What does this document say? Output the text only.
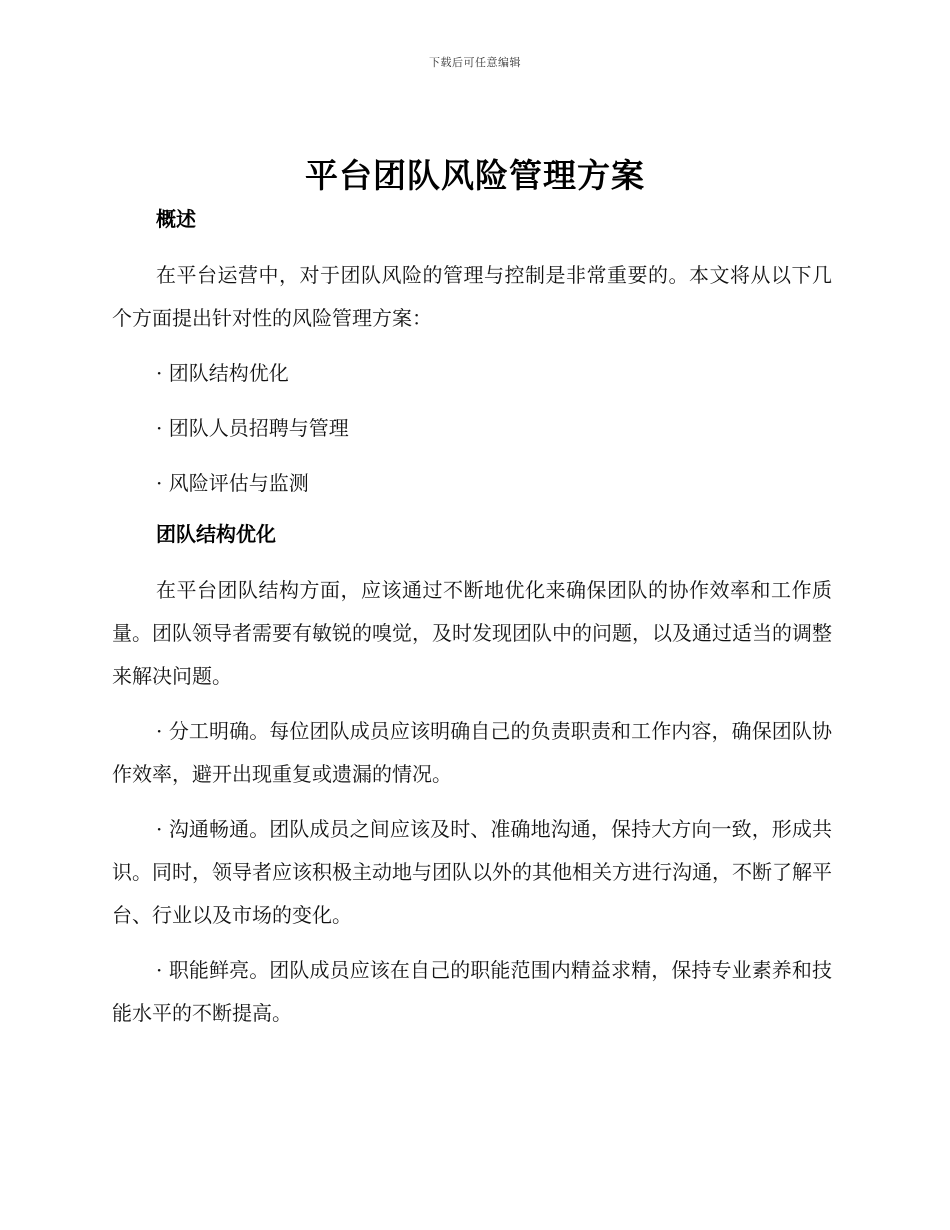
下载后可任意编辑
平台团队风险管理方案
概述

在平台运营中，对于团队风险的管理与控制是非常重要的。本文将从以下几个方面提出针对性的风险管理方案：

· 团队结构优化

· 团队人员招聘与管理

· 风险评估与监测

团队结构优化

在平台团队结构方面，应该通过不断地优化来确保团队的协作效率和工作质量。团队领导者需要有敏锐的嗅觉，及时发现团队中的问题，以及通过适当的调整来解决问题。

· 分工明确。每位团队成员应该明确自己的负责职责和工作内容，确保团队协作效率，避开出现重复或遗漏的情况。

· 沟通畅通。团队成员之间应该及时、准确地沟通，保持大方向一致，形成共识。同时，领导者应该积极主动地与团队以外的其他相关方进行沟通，不断了解平台、行业以及市场的变化。

· 职能鲜亮。团队成员应该在自己的职能范围内精益求精，保持专业素养和技能水平的不断提高。
